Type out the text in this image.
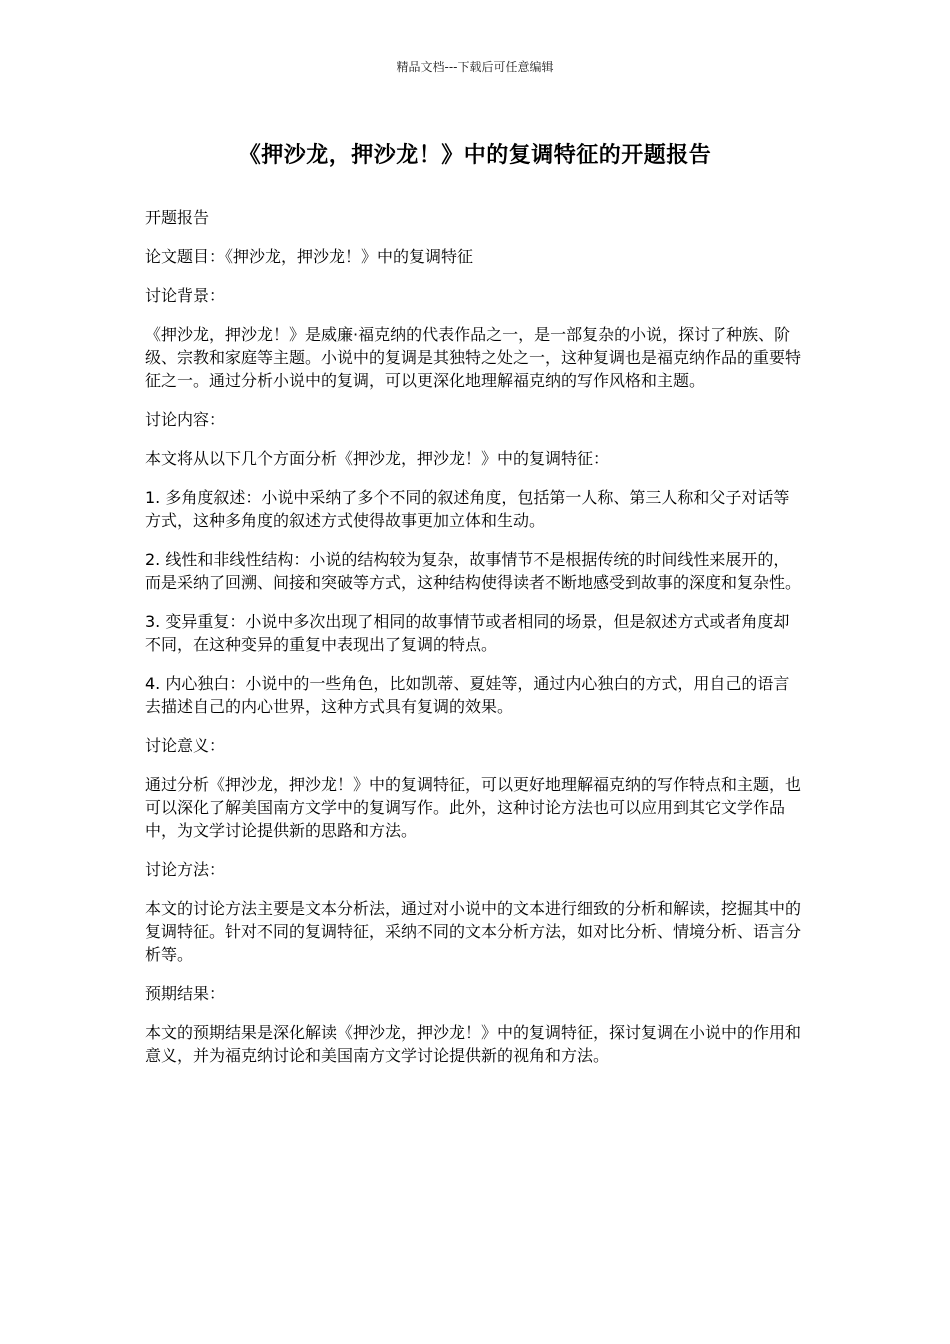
精品文档---下载后可任意编辑
《押沙龙，押沙龙！》中的复调特征的开题报告

开题报告

论文题目：《押沙龙，押沙龙！》中的复调特征

讨论背景：

《押沙龙，押沙龙！》是威廉·福克纳的代表作品之一，是一部复杂的小说，探讨了种族、阶级、宗教和家庭等主题。小说中的复调是其独特之处之一，这种复调也是福克纳作品的重要特征之一。通过分析小说中的复调，可以更深化地理解福克纳的写作风格和主题。

讨论内容：

本文将从以下几个方面分析《押沙龙，押沙龙！》中的复调特征：

1. 多角度叙述：小说中采纳了多个不同的叙述角度，包括第一人称、第三人称和父子对话等方式，这种多角度的叙述方式使得故事更加立体和生动。

2. 线性和非线性结构：小说的结构较为复杂，故事情节不是根据传统的时间线性来展开的，而是采纳了回溯、间接和突破等方式，这种结构使得读者不断地感受到故事的深度和复杂性。

3. 变异重复：小说中多次出现了相同的故事情节或者相同的场景，但是叙述方式或者角度却不同，在这种变异的重复中表现出了复调的特点。

4. 内心独白：小说中的一些角色，比如凯蒂、夏娃等，通过内心独白的方式，用自己的语言去描述自己的内心世界，这种方式具有复调的效果。

讨论意义：

通过分析《押沙龙，押沙龙！》中的复调特征，可以更好地理解福克纳的写作特点和主题，也可以深化了解美国南方文学中的复调写作。此外，这种讨论方法也可以应用到其它文学作品中，为文学讨论提供新的思路和方法。

讨论方法：

本文的讨论方法主要是文本分析法，通过对小说中的文本进行细致的分析和解读，挖掘其中的复调特征。针对不同的复调特征，采纳不同的文本分析方法，如对比分析、情境分析、语言分析等。

预期结果：

本文的预期结果是深化解读《押沙龙，押沙龙！》中的复调特征，探讨复调在小说中的作用和意义，并为福克纳讨论和美国南方文学讨论提供新的视角和方法。
